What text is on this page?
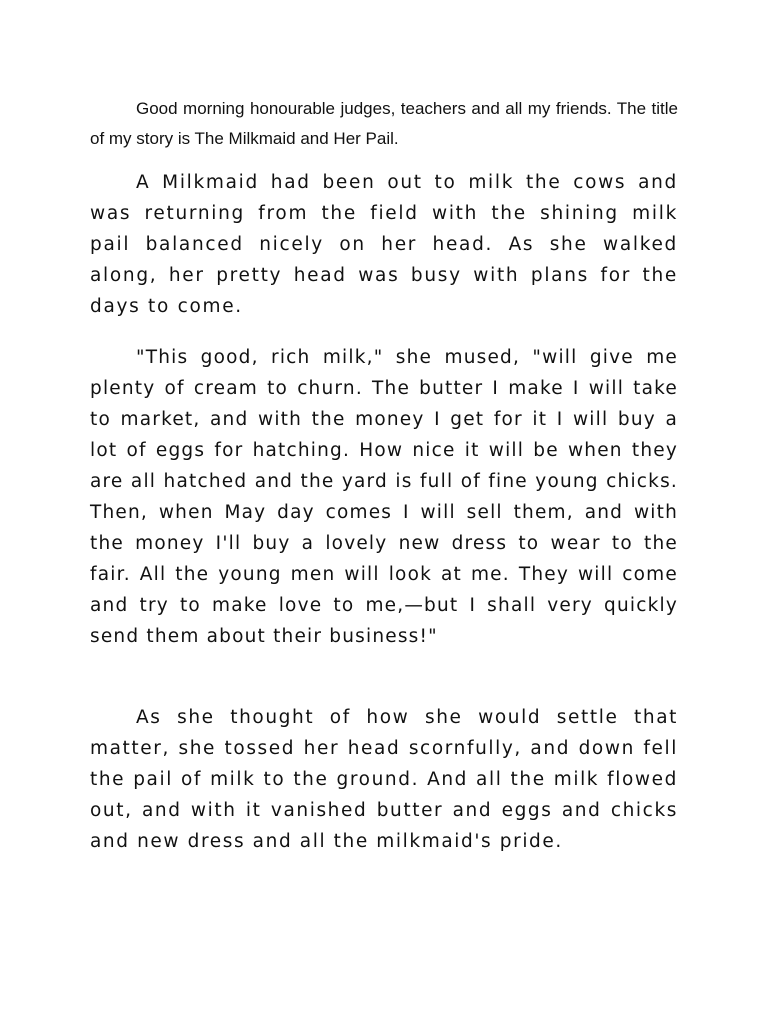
Good morning honourable judges, teachers and all my friends. The title of my story is The Milkmaid and Her Pail.

A Milkmaid had been out to milk the cows and was returning from the field with the shining milk pail balanced nicely on her head. As she walked along, her pretty head was busy with plans for the days to come.

"This good, rich milk," she mused, "will give me plenty of cream to churn. The butter I make I will take to market, and with the money I get for it I will buy a lot of eggs for hatching. How nice it will be when they are all hatched and the yard is full of fine young chicks. Then, when May day comes I will sell them, and with the money I'll buy a lovely new dress to wear to the fair. All the young men will look at me. They will come and try to make love to me,—but I shall very quickly send them about their business!"

As she thought of how she would settle that matter, she tossed her head scornfully, and down fell the pail of milk to the ground. And all the milk flowed out, and with it vanished butter and eggs and chicks and new dress and all the milkmaid's pride.
